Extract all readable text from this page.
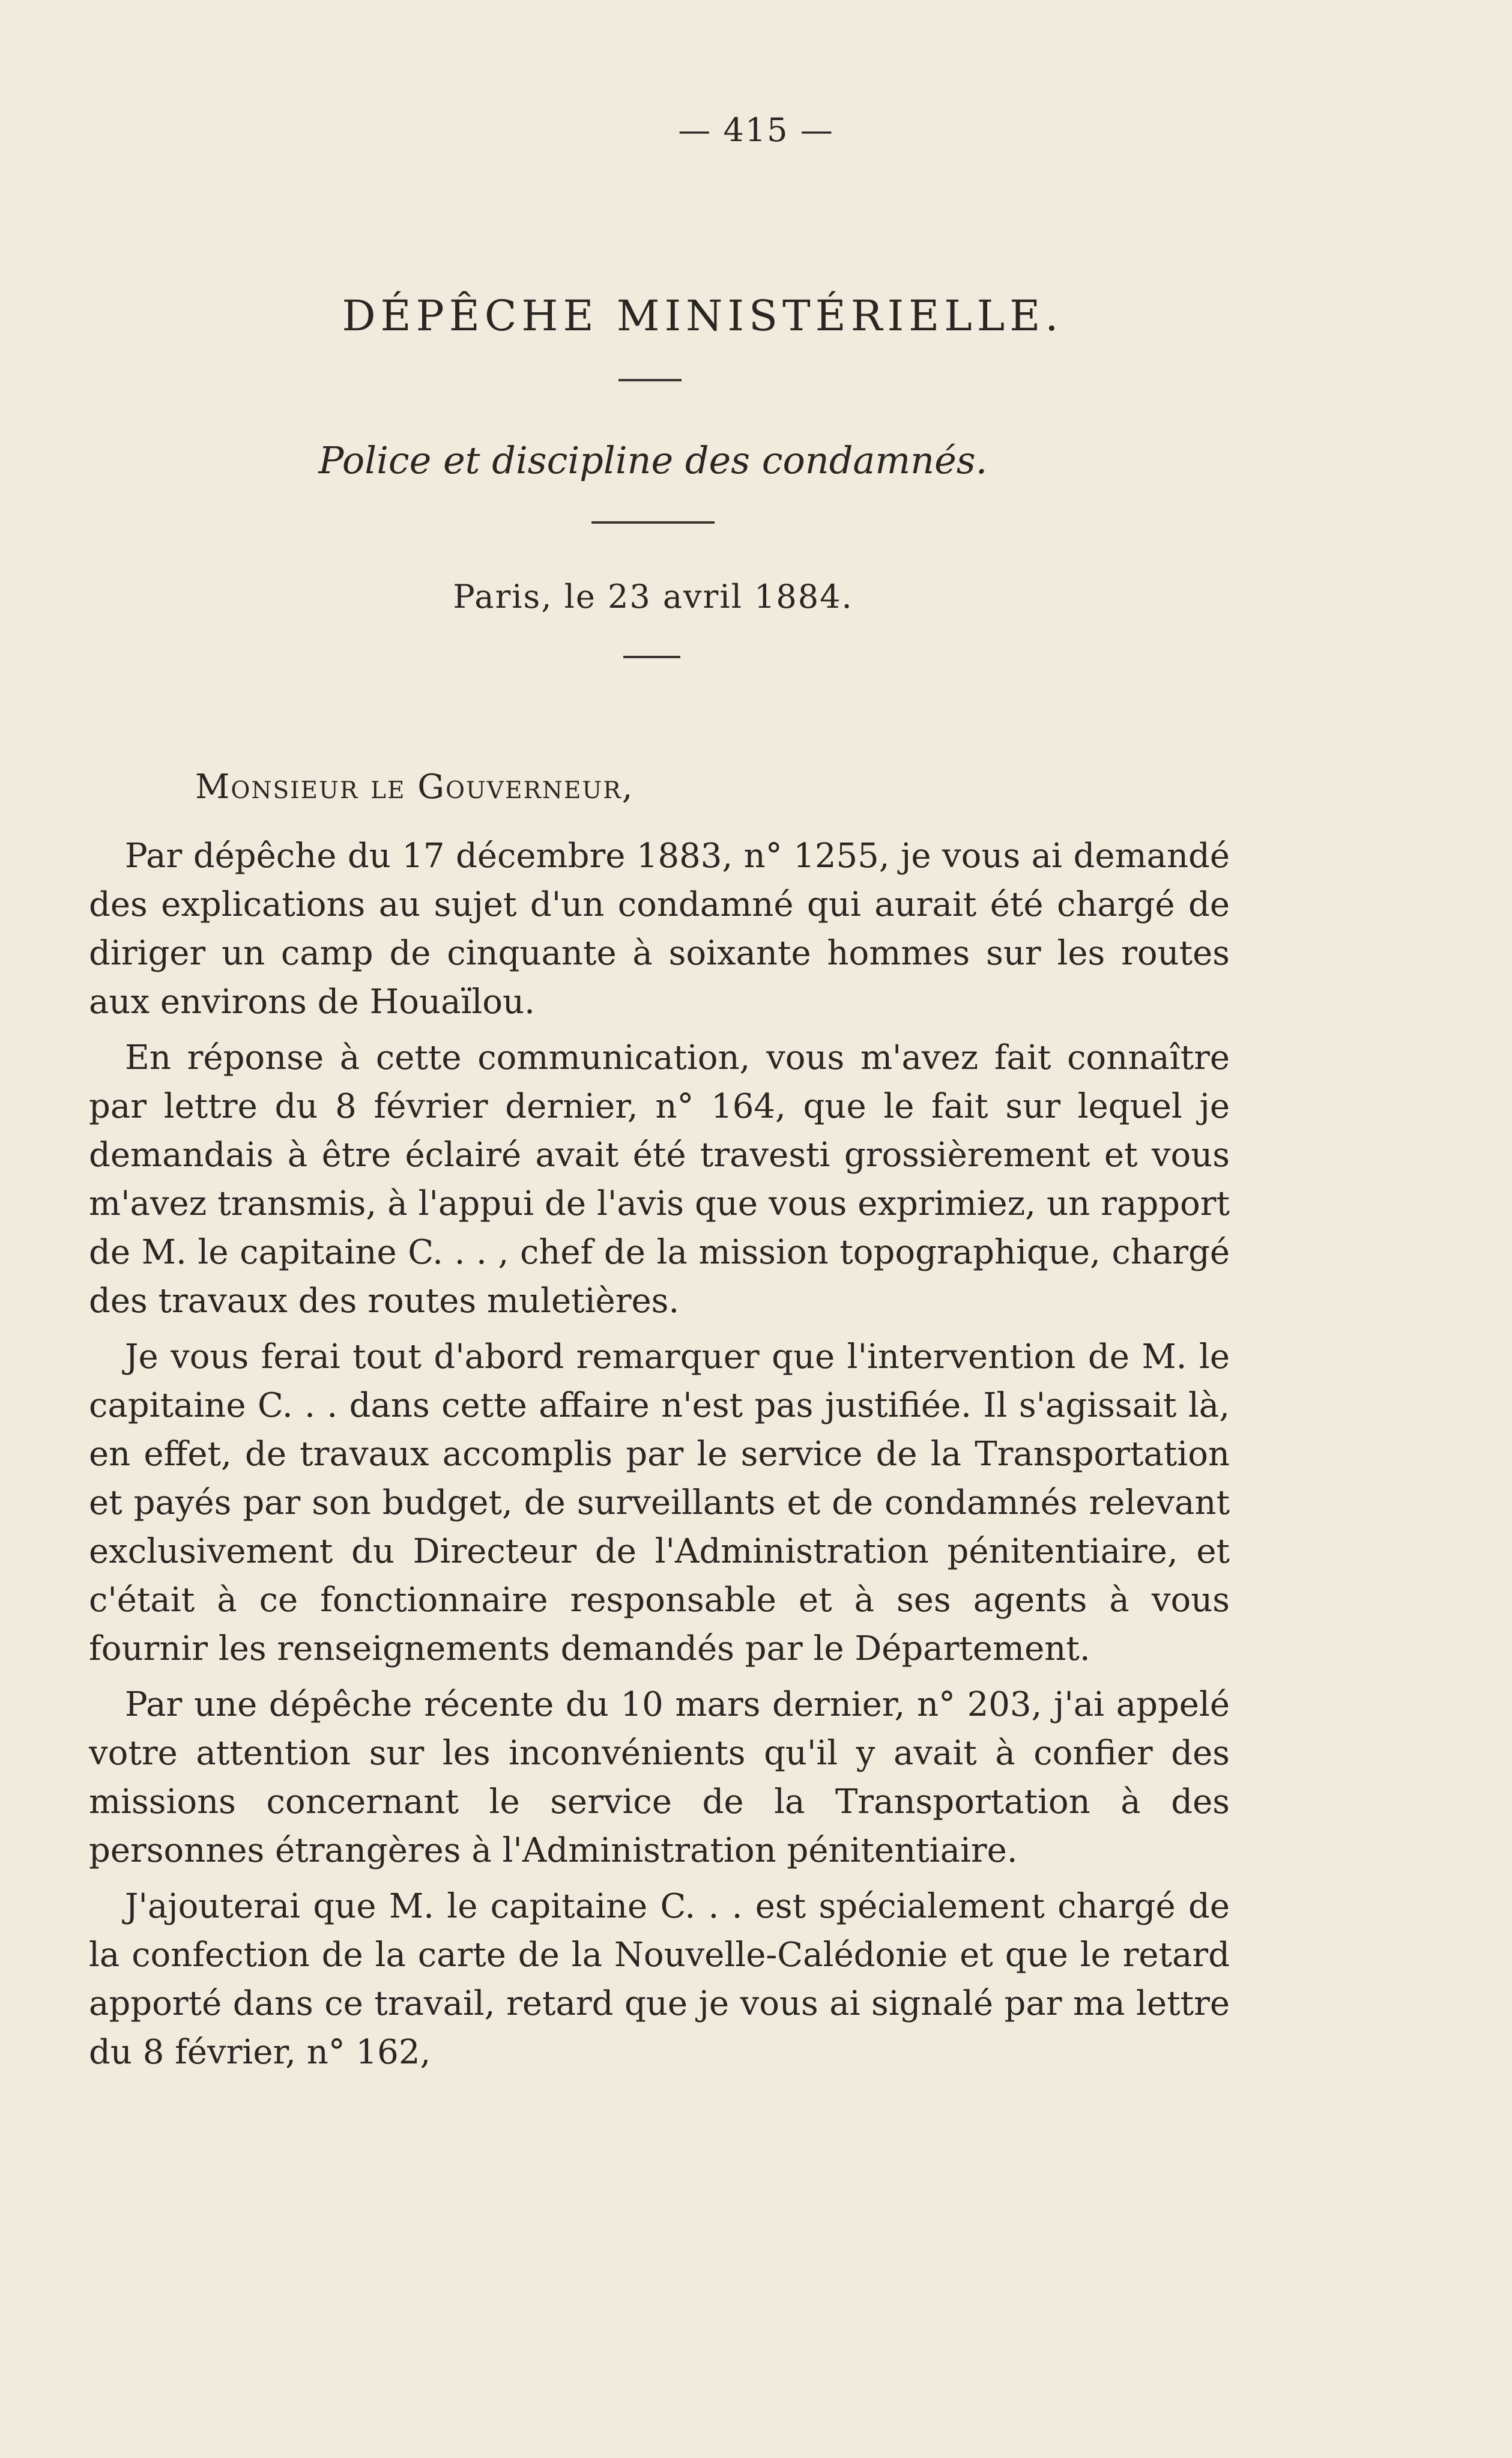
— 415 —
DÉPÊCHE MINISTÉRIELLE.
Police et discipline des condamnés.
Paris, le 23 avril 1884.
Monsieur le Gouverneur,

Par dépêche du 17 décembre 1883, n° 1255, je vous ai demandé des explications au sujet d'un condamné qui aurait été chargé de diriger un camp de cinquante à soixante hommes sur les routes aux environs de Houaïlou.

En réponse à cette communication, vous m'avez fait connaître par lettre du 8 février dernier, n° 164, que le fait sur lequel je demandais à être éclairé avait été travesti grossièrement et vous m'avez transmis, à l'appui de l'avis que vous exprimiez, un rapport de M. le capitaine C. . . , chef de la mission topographique, chargé des travaux des routes muletières.

Je vous ferai tout d'abord remarquer que l'intervention de M. le capitaine C. . . dans cette affaire n'est pas justifiée. Il s'agissait là, en effet, de travaux accomplis par le service de la Transportation et payés par son budget, de surveillants et de condamnés relevant exclusivement du Directeur de l'Administration pénitentiaire, et c'était à ce fonctionnaire responsable et à ses agents à vous fournir les renseignements demandés par le Département.

Par une dépêche récente du 10 mars dernier, n° 203, j'ai appelé votre attention sur les inconvénients qu'il y avait à confier des missions concernant le service de la Transportation à des personnes étrangères à l'Administration pénitentiaire.

J'ajouterai que M. le capitaine C. . . est spécialement chargé de la confection de la carte de la Nouvelle-Calédonie et que le retard apporté dans ce travail, retard que je vous ai signalé par ma lettre du 8 février, n° 162,
